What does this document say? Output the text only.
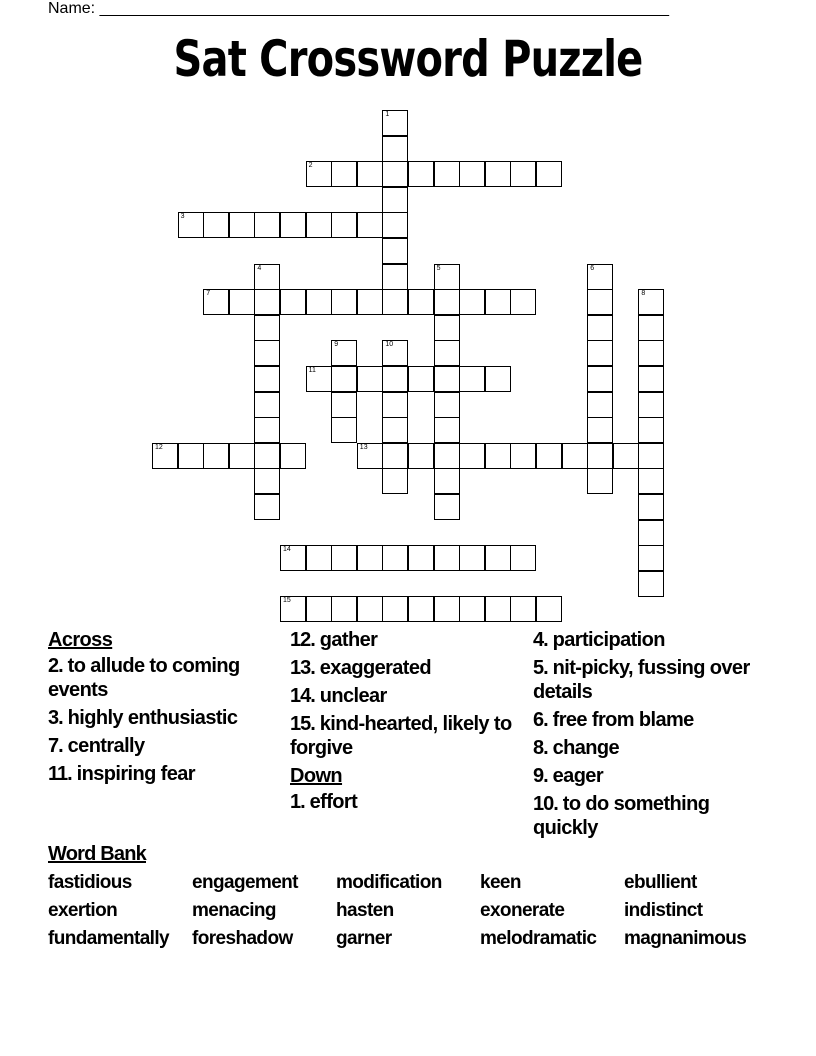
Name: ________________________________________________________________
Sat Crossword Puzzle
1
2
3
4	5	6
7	8
9	10
11
12	13
14
15
Across
2. to allude to coming events
3. highly enthusiastic
7. centrally
11. inspiring fear
12. gather
13. exaggerated
14. unclear
15. kind-hearted, likely to forgive
Down
1. effort
4. participation
5. nit-picky, fussing over details
6. free from blame
8. change
9. eager
10. to do something quickly
Word Bank
fastidious	engagement	modification	keen	ebullient
exertion	menacing	hasten	exonerate	indistinct
fundamentally	foreshadow	garner	melodramatic	magnanimous
